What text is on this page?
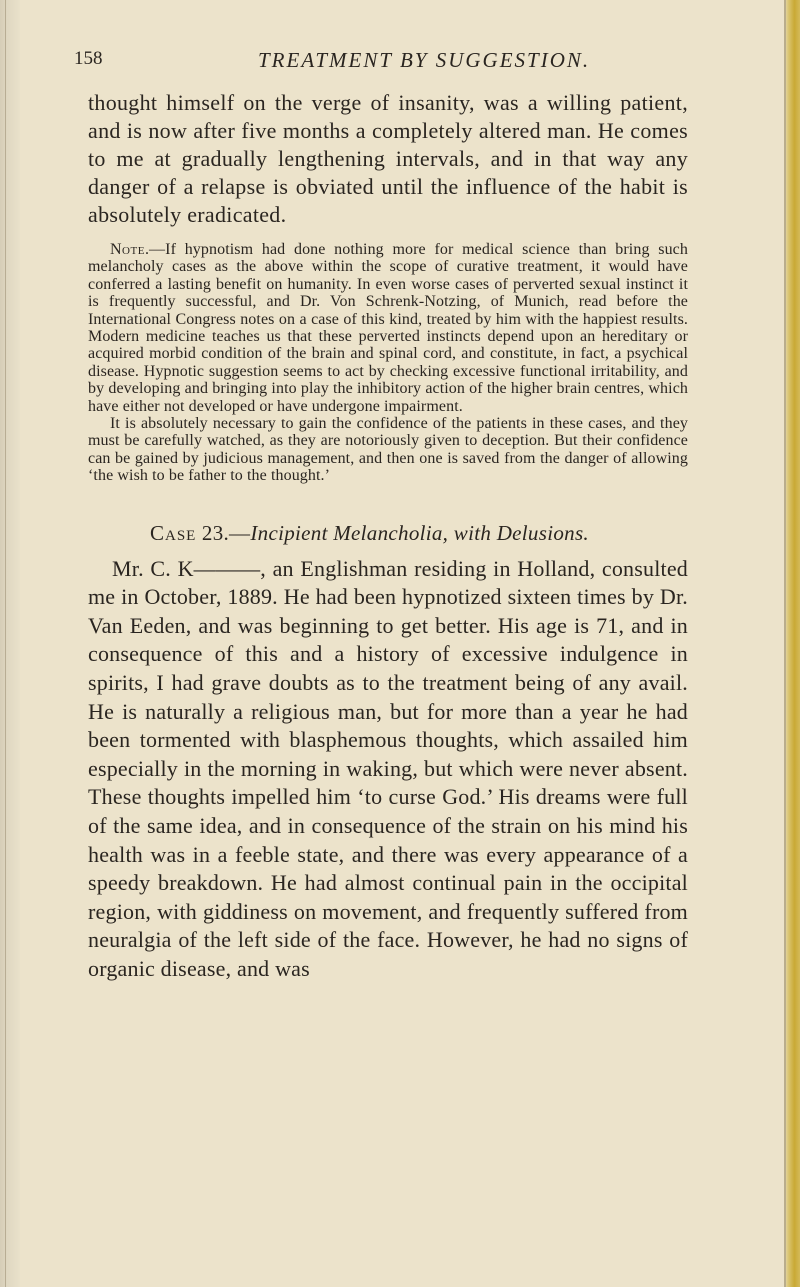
158	TREATMENT BY SUGGESTION.

thought himself on the verge of insanity, was a willing patient, and is now after five months a completely altered man. He comes to me at gradually lengthening intervals, and in that way any danger of a relapse is obviated until the influence of the habit is absolutely eradicated.

Note.—If hypnotism had done nothing more for medical science than bring such melancholy cases as the above within the scope of curative treatment, it would have conferred a lasting benefit on humanity. In even worse cases of perverted sexual instinct it is frequently successful, and Dr. Von Schrenk-Notzing, of Munich, read before the International Congress notes on a case of this kind, treated by him with the happiest results. Modern medicine teaches us that these perverted instincts depend upon an hereditary or acquired morbid condition of the brain and spinal cord, and constitute, in fact, a psychical disease. Hypnotic suggestion seems to act by checking excessive functional irritability, and by developing and bringing into play the inhibitory action of the higher brain centres, which have either not developed or have undergone impairment.

It is absolutely necessary to gain the confidence of the patients in these cases, and they must be carefully watched, as they are notoriously given to deception. But their confidence can be gained by judicious management, and then one is saved from the danger of allowing ‘the wish to be father to the thought.’

Case 23.—Incipient Melancholia, with Delusions.

Mr. C. K———, an Englishman residing in Holland, consulted me in October, 1889. He had been hypnotized sixteen times by Dr. Van Eeden, and was beginning to get better. His age is 71, and in consequence of this and a history of excessive indulgence in spirits, I had grave doubts as to the treatment being of any avail. He is naturally a religious man, but for more than a year he had been tormented with blasphemous thoughts, which assailed him especially in the morning in waking, but which were never absent. These thoughts impelled him ‘to curse God.’ His dreams were full of the same idea, and in consequence of the strain on his mind his health was in a feeble state, and there was every appearance of a speedy breakdown. He had almost continual pain in the occipital region, with giddiness on movement, and frequently suffered from neuralgia of the left side of the face. However, he had no signs of organic disease, and was
